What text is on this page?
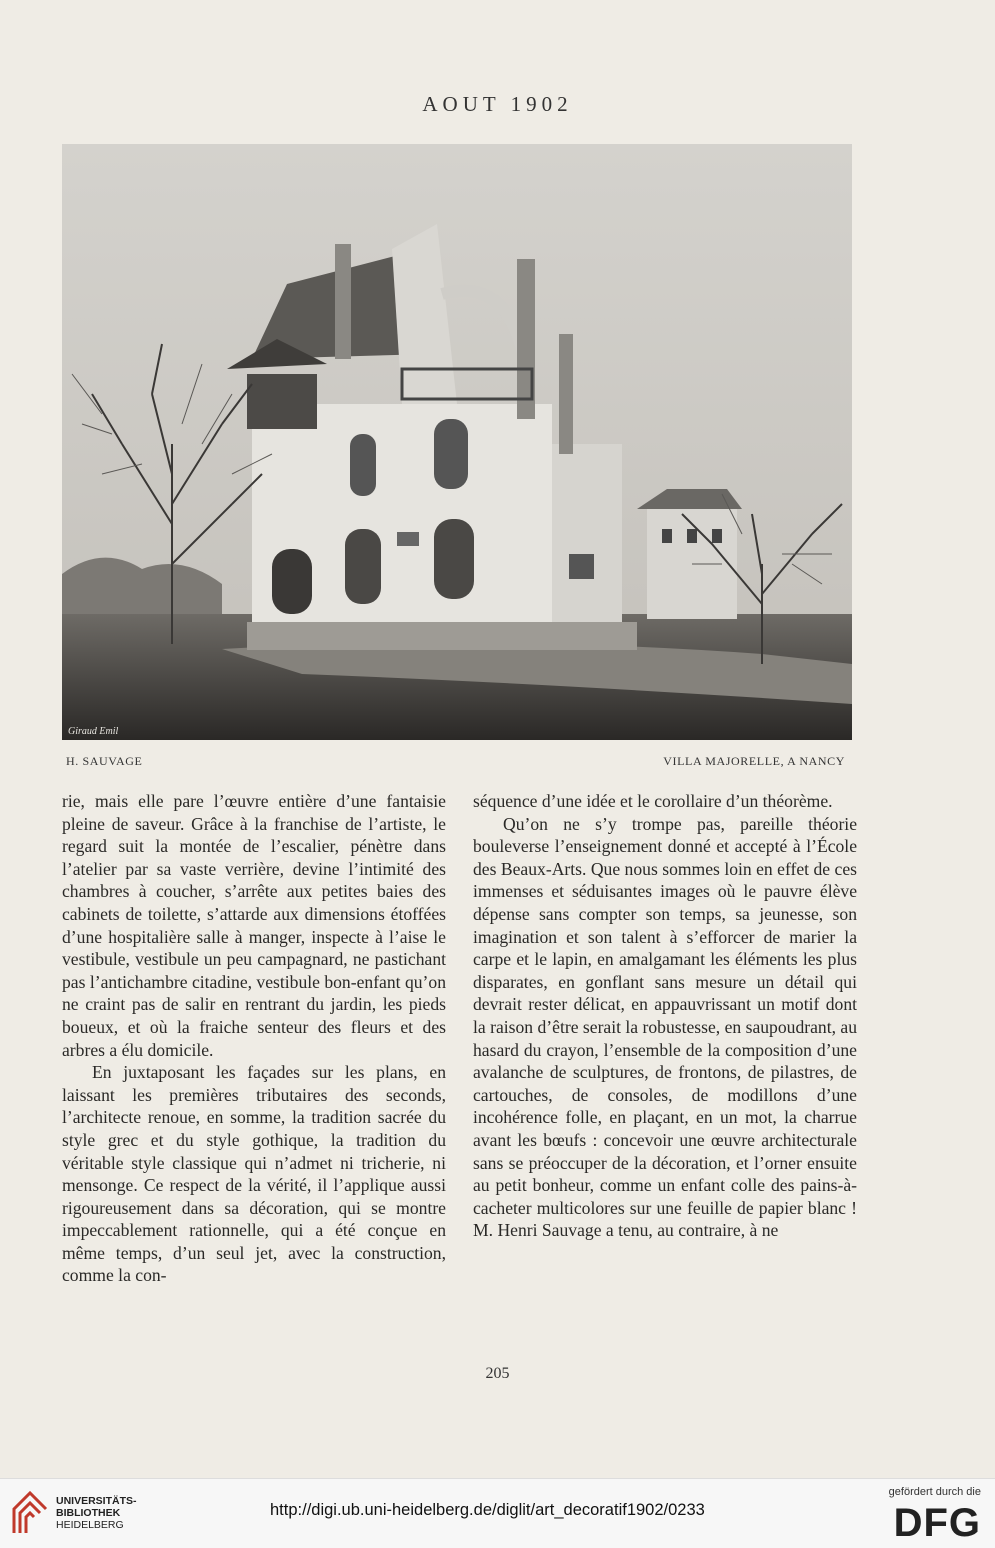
AOUT 1902
Giraud Emil
H. SAUVAGE	VILLA MAJORELLE, A NANCY

rie, mais elle pare l’œuvre entière d’une fantaisie pleine de saveur. Grâce à la franchise de l’artiste, le regard suit la montée de l’escalier, pénètre dans l’atelier par sa vaste verrière, devine l’intimité des chambres à coucher, s’arrête aux petites baies des cabinets de toilette, s’attarde aux dimensions étoffées d’une hospitalière salle à manger, inspecte à l’aise le vestibule, vestibule un peu campagnard, ne pastichant pas l’antichambre citadine, vestibule bon-enfant qu’on ne craint pas de salir en rentrant du jardin, les pieds boueux, et où la fraiche senteur des fleurs et des arbres a élu domicile.

En juxtaposant les façades sur les plans, en laissant les premières tributaires des seconds, l’architecte renoue, en somme, la tradition sacrée du style grec et du style gothique, la tradition du véritable style classique qui n’admet ni tricherie, ni mensonge. Ce respect de la vérité, il l’applique aussi rigoureusement dans sa décoration, qui se montre impeccablement rationnelle, qui a été conçue en même temps, d’un seul jet, avec la construction, comme la con-

séquence d’une idée et le corollaire d’un théorème.

Qu’on ne s’y trompe pas, pareille théorie bouleverse l’enseignement donné et accepté à l’École des Beaux-Arts. Que nous sommes loin en effet de ces immenses et séduisantes images où le pauvre élève dépense sans compter son temps, sa jeunesse, son imagination et son talent à s’efforcer de marier la carpe et le lapin, en amalgamant les éléments les plus disparates, en gonflant sans mesure un détail qui devrait rester délicat, en appauvrissant un motif dont la raison d’être serait la robustesse, en saupoudrant, au hasard du crayon, l’ensemble de la composition d’une avalanche de sculptures, de frontons, de pilastres, de cartouches, de consoles, de modillons d’une incohérence folle, en plaçant, en un mot, la charrue avant les bœufs : concevoir une œuvre architecturale sans se préoccuper de la décoration, et l’orner ensuite au petit bonheur, comme un enfant colle des pains-à-cacheter multicolores sur une feuille de papier blanc ! M. Henri Sauvage a tenu, au contraire, à ne

205
UNIVERSITÄTS-
BIBLIOTHEK
HEIDELBERG
http://digi.ub.uni-heidelberg.de/diglit/art_decoratif1902/0233
gefördert durch die
DFG
